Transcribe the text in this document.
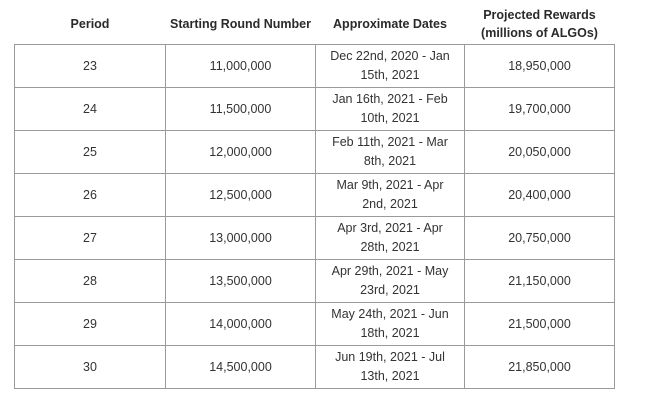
Period	Starting Round Number	Approximate Dates	Projected Rewards
(millions of ALGOs)
23	11,000,000	Dec 22nd, 2020 - Jan 15th, 2021	18,950,000
24	11,500,000	Jan 16th, 2021 - Feb 10th, 2021	19,700,000
25	12,000,000	Feb 11th, 2021 - Mar 8th, 2021	20,050,000
26	12,500,000	Mar 9th, 2021 - Apr 2nd, 2021	20,400,000
27	13,000,000	Apr 3rd, 2021 - Apr 28th, 2021	20,750,000
28	13,500,000	Apr 29th, 2021 - May 23rd, 2021	21,150,000
29	14,000,000	May 24th, 2021 - Jun 18th, 2021	21,500,000
30	14,500,000	Jun 19th, 2021 - Jul 13th, 2021	21,850,000
